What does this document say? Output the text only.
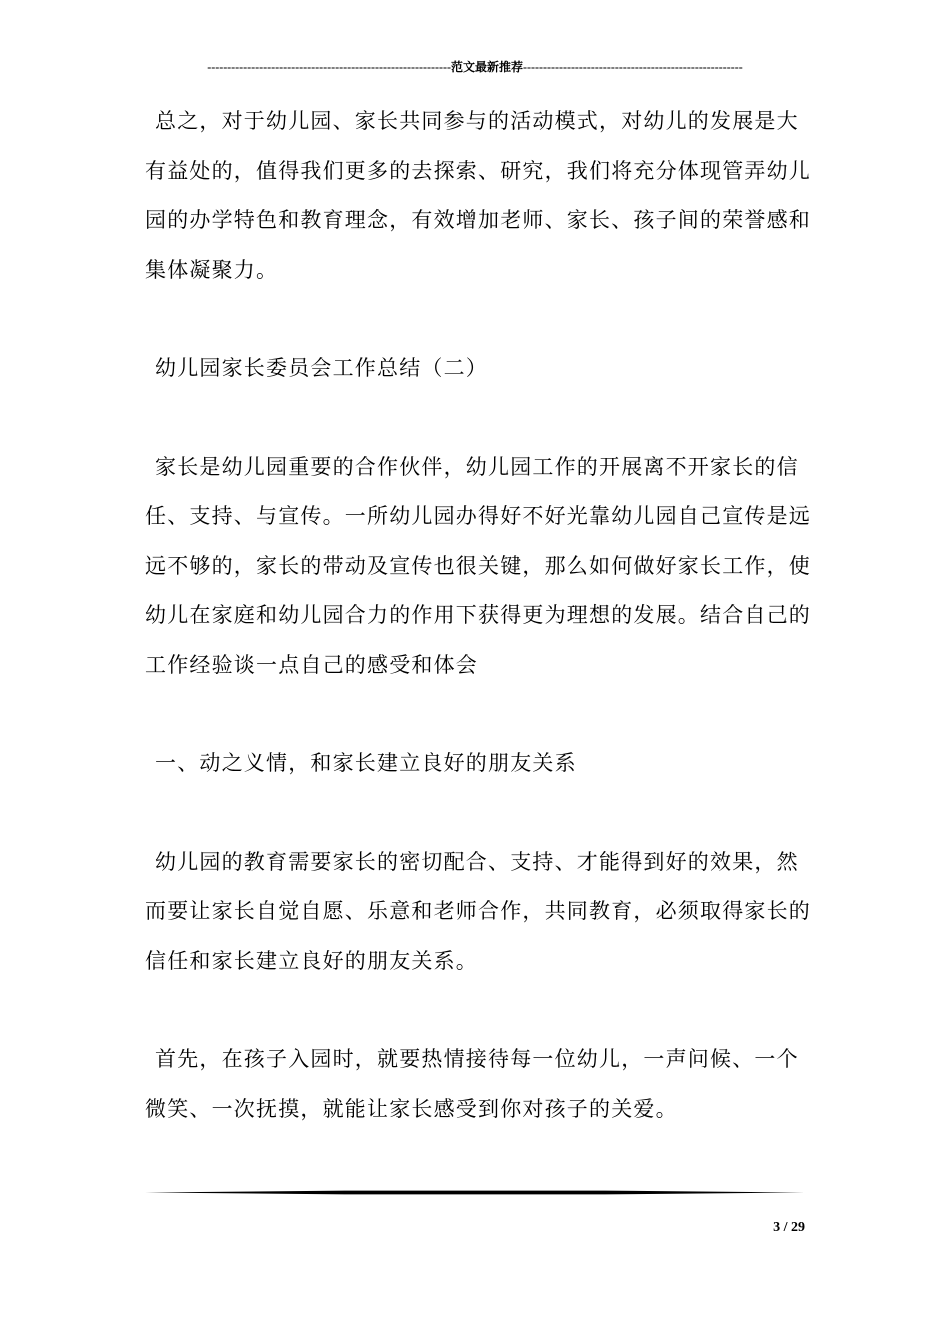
-------------------------------------------------------------范文最新推荐-------------------------------------------------------

总之，对于幼儿园、家长共同参与的活动模式，对幼儿的发展是大有益处的，值得我们更多的去探索、研究，我们将充分体现管弄幼儿园的办学特色和教育理念，有效增加老师、家长、孩子间的荣誉感和集体凝聚力。

幼儿园家长委员会工作总结（二）

家长是幼儿园重要的合作伙伴，幼儿园工作的开展离不开家长的信任、支持、与宣传。一所幼儿园办得好不好光靠幼儿园自己宣传是远远不够的，家长的带动及宣传也很关键，那么如何做好家长工作，使幼儿在家庭和幼儿园合力的作用下获得更为理想的发展。结合自己的工作经验谈一点自己的感受和体会

一、动之义情，和家长建立良好的朋友关系

幼儿园的教育需要家长的密切配合、支持、才能得到好的效果，然而要让家长自觉自愿、乐意和老师合作，共同教育，必须取得家长的信任和家长建立良好的朋友关系。

首先，在孩子入园时，就要热情接待每一位幼儿，一声问候、一个微笑、一次抚摸，就能让家长感受到你对孩子的关爱。

3 / 29
